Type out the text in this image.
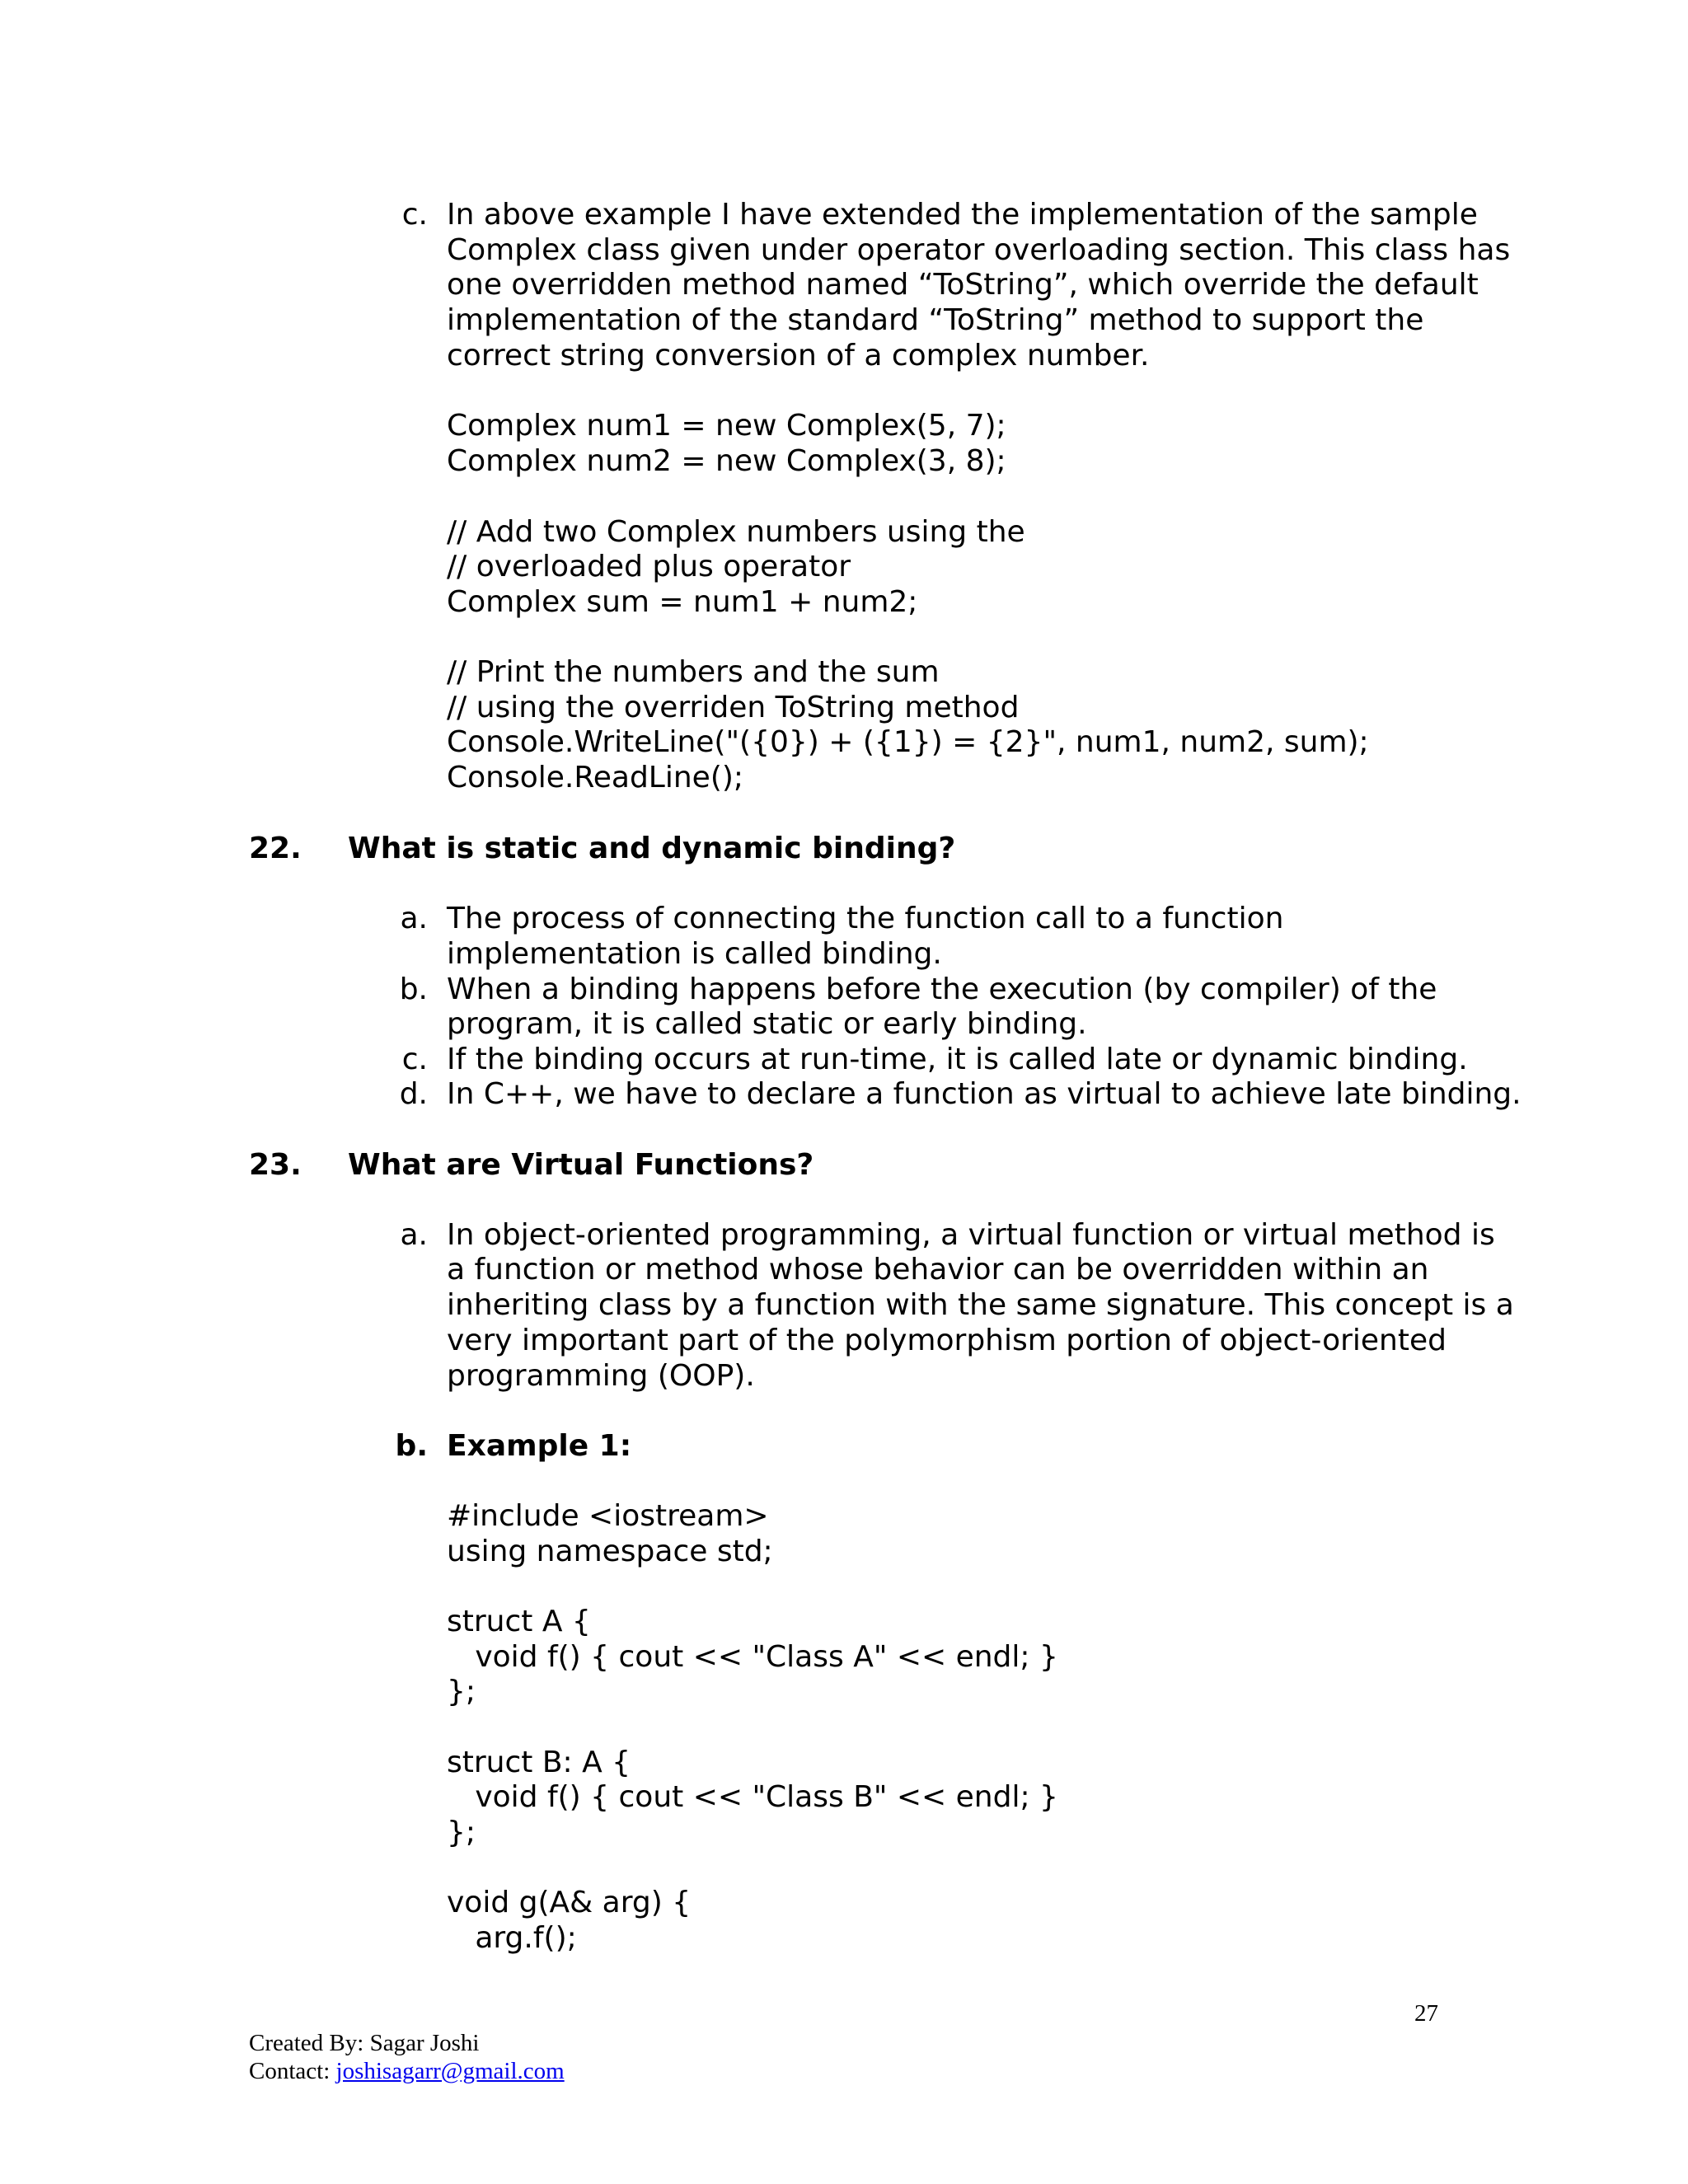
c. In above example I have extended the implementation of the sample
Complex class given under operator overloading section. This class has
one overridden method named “ToString”, which override the default
implementation of the standard “ToString” method to support the
correct string conversion of a complex number.
Complex num1 = new Complex(5, 7);
Complex num2 = new Complex(3, 8);
// Add two Complex numbers using the
// overloaded plus operator
Complex sum = num1 + num2;
// Print the numbers and the sum
// using the overriden ToString method
Console.WriteLine("({0}) + ({1}) = {2}", num1, num2, sum);
Console.ReadLine();
22. What is static and dynamic binding?
a. The process of connecting the function call to a function
implementation is called binding.
b. When a binding happens before the execution (by compiler) of the
program, it is called static or early binding.
c. If the binding occurs at run-time, it is called late or dynamic binding.
d. In C++, we have to declare a function as virtual to achieve late binding.
23. What are Virtual Functions?
a. In object-oriented programming, a virtual function or virtual method is
a function or method whose behavior can be overridden within an
inheriting class by a function with the same signature. This concept is a
very important part of the polymorphism portion of object-oriented
programming (OOP).
b. Example 1:
#include <iostream>
using namespace std;
struct A {
void f() { cout << "Class A" << endl; }
};
struct B: A {
void f() { cout << "Class B" << endl; }
};
void g(A& arg) {
arg.f();
27
Created By: Sagar Joshi
Contact: joshisagarr@gmail.com
